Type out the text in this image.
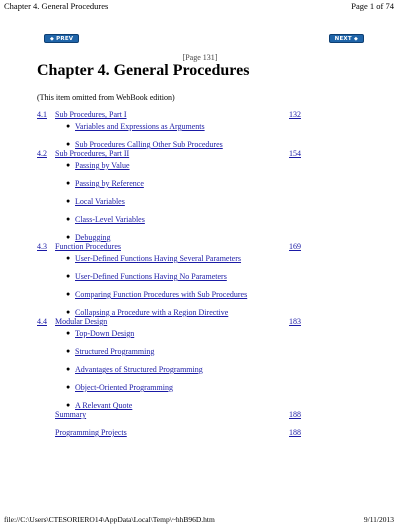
Chapter 4. General Procedures	Page 1 of 74
◆ PREV	NEXT ◆
[Page 131]
Chapter 4. General Procedures
(This item omitted from WebBook edition)
4.1 Sub Procedures, Part I	132
● Variables and Expressions as Arguments
● Sub Procedures Calling Other Sub Procedures
4.2 Sub Procedures, Part II	154
● Passing by Value
● Passing by Reference
● Local Variables
● Class-Level Variables
● Debugging
4.3 Function Procedures	169
● User-Defined Functions Having Several Parameters
● User-Defined Functions Having No Parameters
● Comparing Function Procedures with Sub Procedures
● Collapsing a Procedure with a Region Directive
4.4 Modular Design	183
● Top-Down Design
● Structured Programming
● Advantages of Structured Programming
● Object-Oriented Programming
● A Relevant Quote
Summary	188
Programming Projects	188
file://C:\Users\CTESORIERO14\AppData\Local\Temp\~hhB96D.htm	9/11/2013
